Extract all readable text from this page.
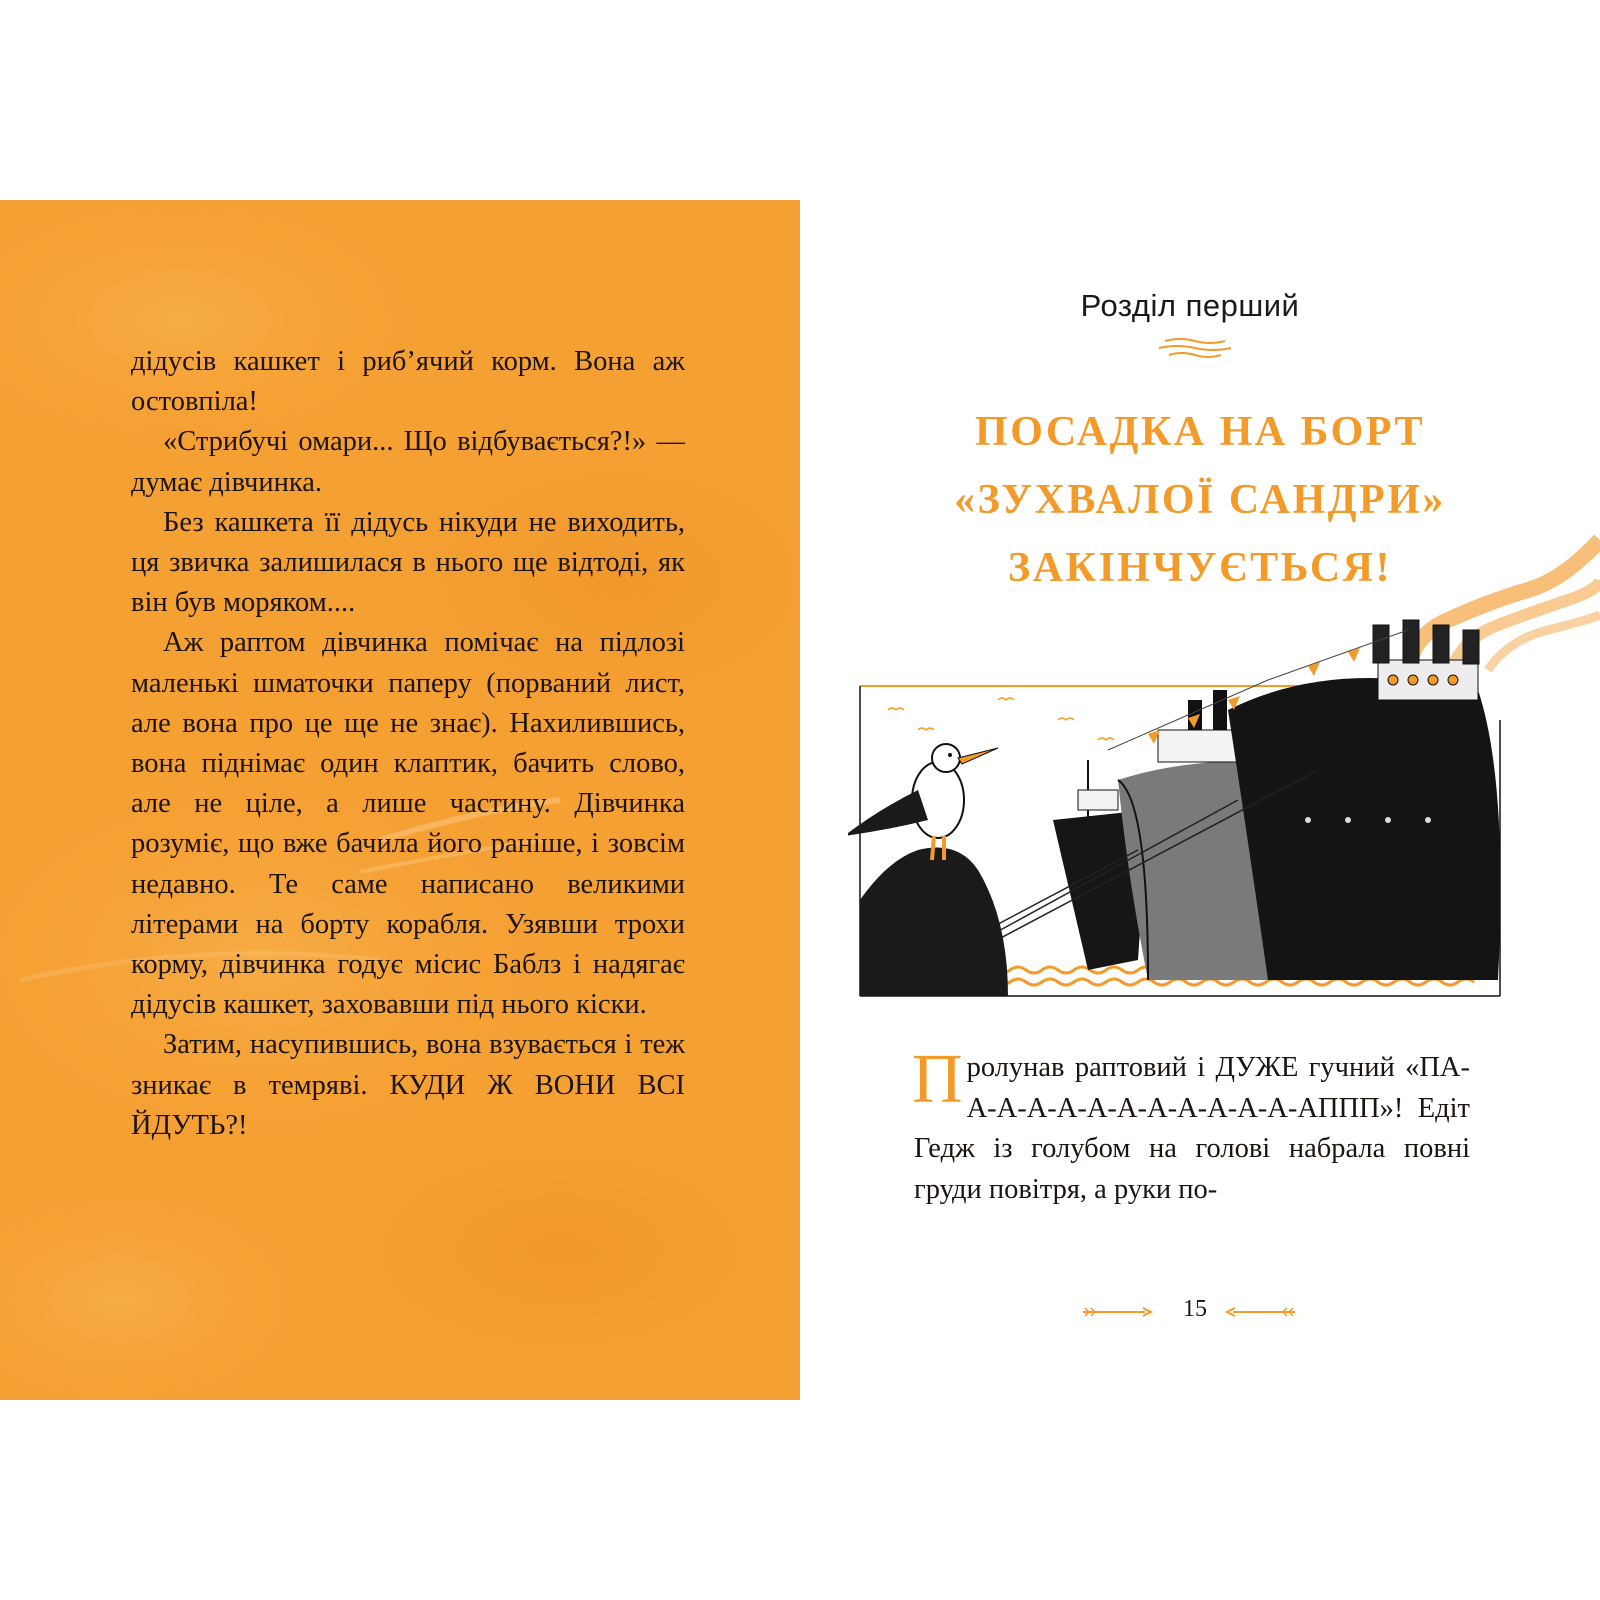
дідусів кашкет і риб’ячий корм. Вона аж остовпіла!

«Стрибучі омари... Що відбувається?!» — думає дівчинка.

Без кашкета її дідусь нікуди не виходить, ця звичка залишилася в нього ще відтоді, як він був моряком....

Аж раптом дівчинка помічає на підлозі маленькі шматочки паперу (порваний лист, але вона про це ще не знає). Нахилившись, вона піднімає один клаптик, бачить слово, але не ціле, а лише частину. Дівчинка розуміє, що вже бачила його раніше, і зовсім недавно. Те саме написано великими літерами на борту корабля. Узявши трохи корму, дівчинка годує місис Баблз і надягає дідусів кашкет, заховавши під нього кіски.

Затим, насупившись, вона взувається і теж зникає в темряві. КУДИ Ж ВОНИ ВСІ ЙДУТЬ?!

Розділ перший
ПОСАДКА НА БОРТ
«ЗУХВАЛОЇ САНДРИ»
ЗАКІНЧУЄТЬСЯ!

Пролунав раптовий і ДУЖЕ гучний «ПА-А-А-А-А-А-А-А-А-А-А-А-АППП»! Едіт Гедж із голубом на голові набрала повні груди повітря, а руки по-

15
